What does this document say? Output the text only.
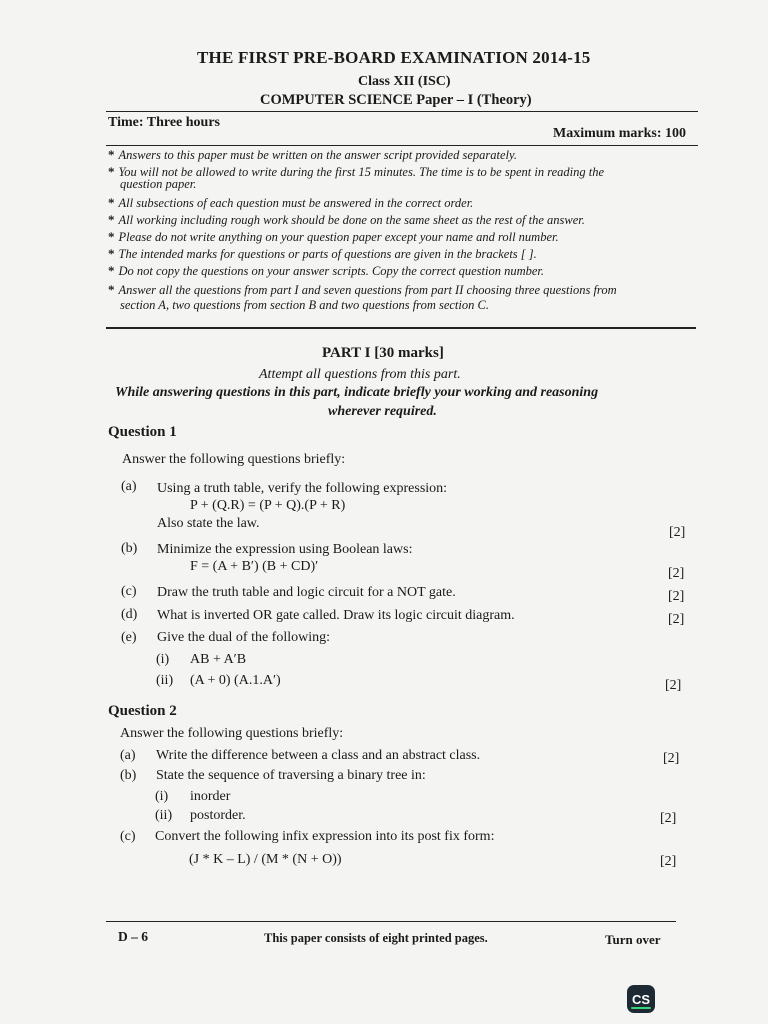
THE FIRST PRE-BOARD EXAMINATION 2014-15
Class XII (ISC)
COMPUTER SCIENCE Paper – I (Theory)
Time: Three hours
Maximum marks: 100
* Answers to this paper must be written on the answer script provided separately.
* You will not be allowed to write during the first 15 minutes. The time is to be spent in reading the
question paper.
* All subsections of each question must be answered in the correct order.
* All working including rough work should be done on the same sheet as the rest of the answer.
* Please do not write anything on your question paper except your name and roll number.
* The intended marks for questions or parts of questions are given in the brackets [ ].
* Do not copy the questions on your answer scripts. Copy the correct question number.
* Answer all the questions from part I and seven questions from part II choosing three questions from
section A, two questions from section B and two questions from section C.
PART I [30 marks]
Attempt all questions from this part.
While answering questions in this part, indicate briefly your working and reasoning
wherever required.
Question 1
Answer the following questions briefly:
(a) Using a truth table, verify the following expression:
P + (Q.R) = (P + Q).(P + R)
Also state the law.
[2]
(b) Minimize the expression using Boolean laws:
F = (A + B′) (B + CD)′	[2]
(c) Draw the truth table and logic circuit for a NOT gate.	[2]
(d) What is inverted OR gate called. Draw its logic circuit diagram.	[2]
(e) Give the dual of the following:
(i) AB + A′B
(ii) (A + 0) (A.1.A′)	[2]
Question 2
Answer the following questions briefly:
(a) Write the difference between a class and an abstract class.	[2]
(b) State the sequence of traversing a binary tree in:
(i) inorder
(ii) postorder.	[2]
(c) Convert the following infix expression into its post fix form:
(J * K – L) / (M * (N + O))	[2]
D – 6	This paper consists of eight printed pages.	Turn over
CS
